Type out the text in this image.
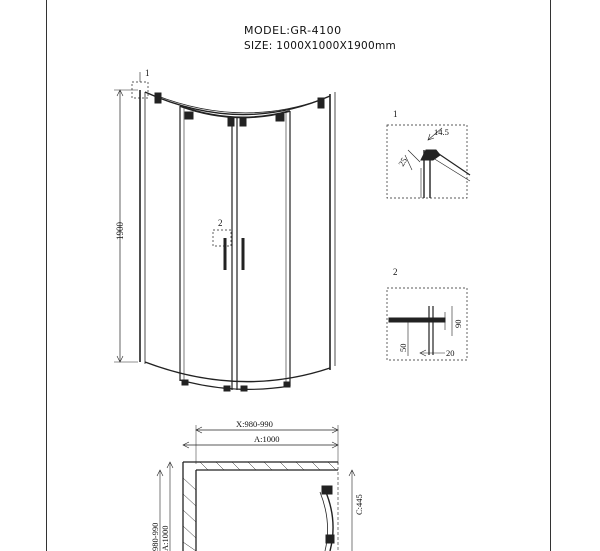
MODEL:GR-4100
SIZE: 1000X1000X1900mm
1
2
1900
1
14.5
25
2
90
50
20
X:980-990
A:1000
980-990 A:1000
C:445
